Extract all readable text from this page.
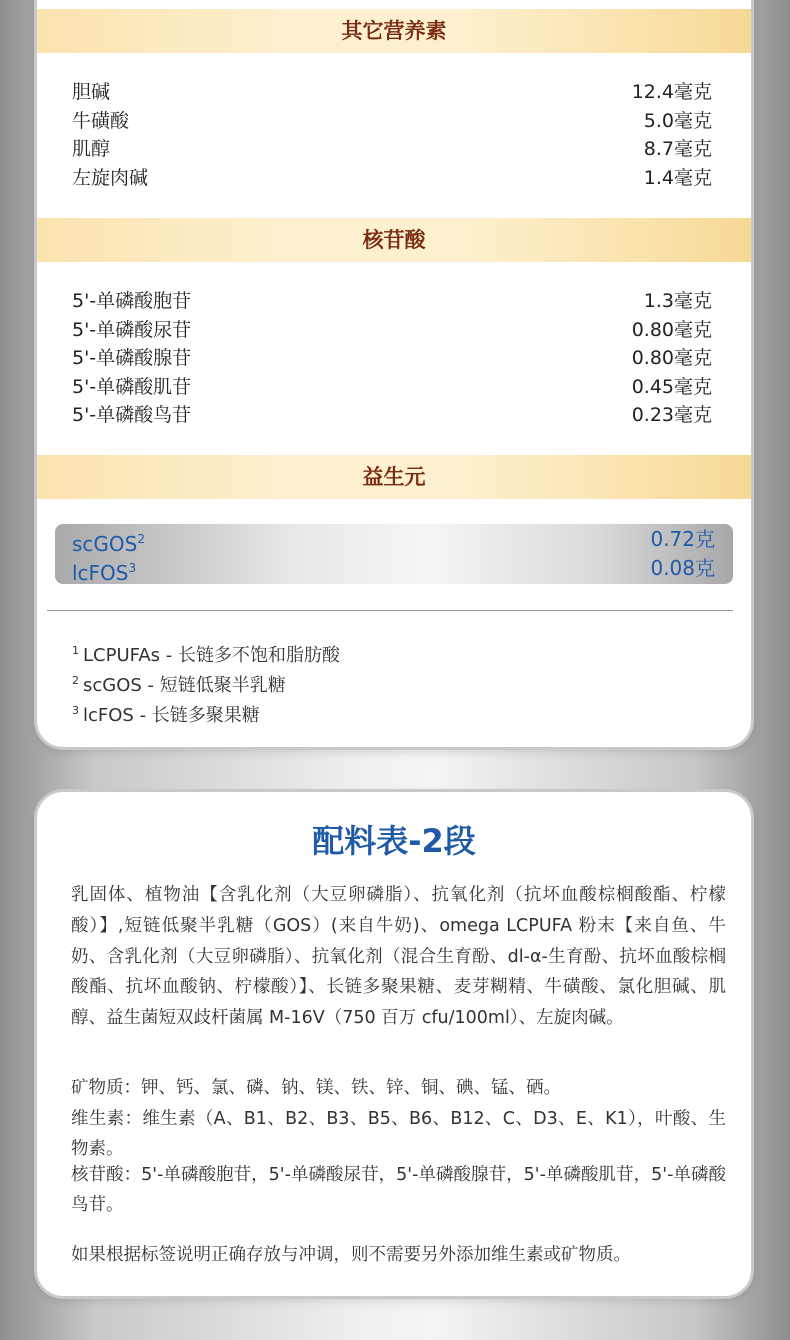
其它营养素
胆碱	12.4毫克
牛磺酸	5.0毫克
肌醇	8.7毫克
左旋肉碱	1.4毫克
核苷酸
5'-单磷酸胞苷	1.3毫克
5'-单磷酸尿苷	0.80毫克
5'-单磷酸腺苷	0.80毫克
5'-单磷酸肌苷	0.45毫克
5'-单磷酸鸟苷	0.23毫克
益生元
scGOS$^2$	0.72克
lcFOS$^3$	0.08克
$^1$ LCPUFAs - 长链多不饱和脂肪酸
$^2$ scGOS - 短链低聚半乳糖
$^3$ lcFOS - 长链多聚果糖
配料表-2段
乳固体、植物油【含乳化剂（大豆卵磷脂）、抗氧化剂（抗坏血酸棕榈酸酯、柠檬酸）】,短链低聚半乳糖（GOS）(来自牛奶)、omega LCPUFA 粉末【来自鱼、牛奶、含乳化剂（大豆卵磷脂）、抗氧化剂（混合生育酚、dl-α-生育酚、抗坏血酸棕榈酸酯、抗坏血酸钠、柠檬酸）】、长链多聚果糖、麦芽糊精、牛磺酸、氯化胆碱、肌醇、益生菌短双歧杆菌属 M-16V（750 百万 cfu/100ml）、左旋肉碱。
矿物质：钾、钙、氯、磷、钠、镁、铁、锌、铜、碘、锰、硒。
维生素：维生素（A、B1、B2、B3、B5、B6、B12、C、D3、E、K1），叶酸、生物素。
核苷酸：5'-单磷酸胞苷，5'-单磷酸尿苷，5'-单磷酸腺苷，5'-单磷酸肌苷，5'-单磷酸鸟苷。
如果根据标签说明正确存放与冲调，则不需要另外添加维生素或矿物质。
